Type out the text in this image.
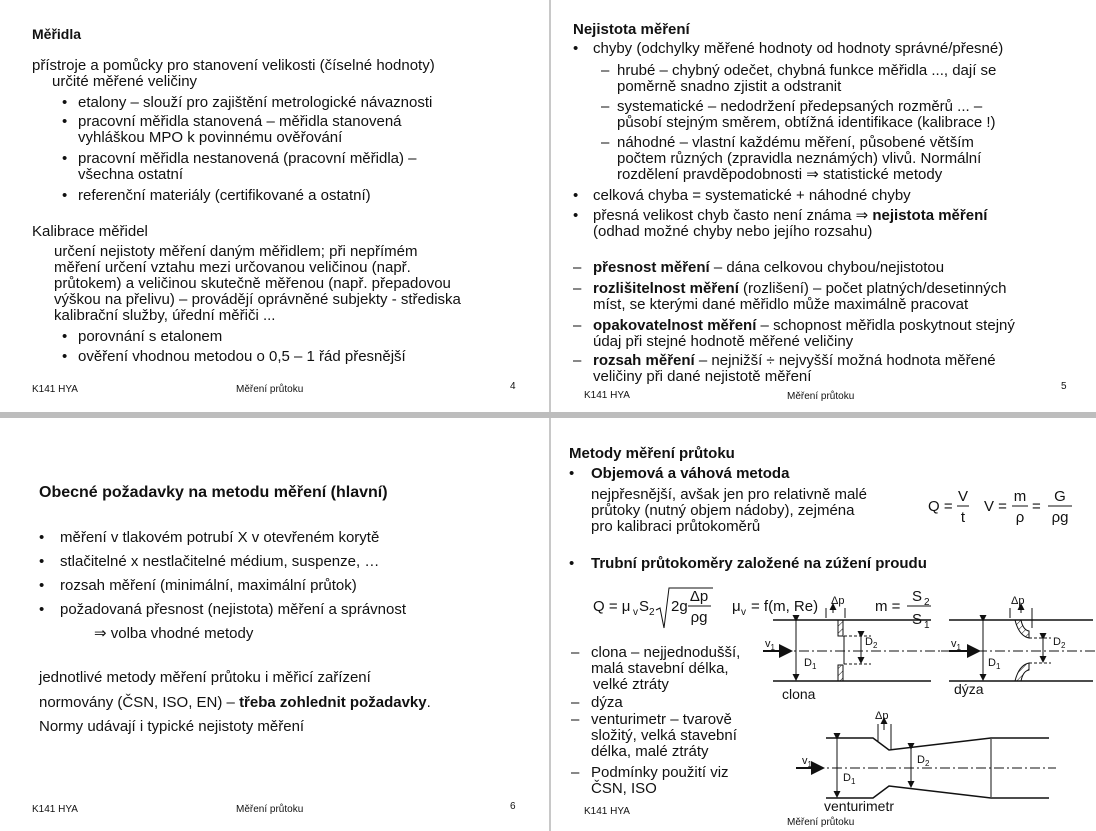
Měřidla
přístroje a pomůcky pro stanovení velikosti (číselné hodnoty)
určité měřené veličiny
• etalony – slouží pro zajištění metrologické návaznosti
• pracovní měřidla stanovená – měřidla stanovená
vyhláškou MPO k povinnému ověřování
• pracovní měřidla nestanovená (pracovní měřidla) –
všechna ostatní
• referenční materiály (certifikované a ostatní)
Kalibrace měřidel
určení nejistoty měření daným měřidlem; při nepřímém
měření určení vztahu mezi určovanou veličinou (např.
průtokem) a veličinou skutečně měřenou (např. přepadovou
výškou na přelivu) – provádějí oprávněné subjekty - střediska
kalibrační služby, úřední měřiči ...
• porovnání s etalonem
• ověření vhodnou metodou o 0,5 – 1 řád přesnější
K141 HYA	Měření průtoku	4
Nejistota měření
• chyby (odchylky měřené hodnoty od hodnoty správné/přesné)
– hrubé – chybný odečet, chybná funkce měřidla ..., dají se
poměrně snadno zjistit a odstranit
– systematické – nedodržení předepsaných rozměrů ... –
působí stejným směrem, obtížná identifikace (kalibrace !)
– náhodné – vlastní každému měření, působené větším
počtem různých (zpravidla neznámých) vlivů. Normální
rozdělení pravděpodobnosti ⇒ statistické metody
• celková chyba = systematické + náhodné chyby
• přesná velikost chyb často není známa ⇒ nejistota měření
(odhad možné chyby nebo jejího rozsahu)
– přesnost měření – dána celkovou chybou/nejistotou
– rozlišitelnost měření (rozlišení) – počet platných/desetinných
míst, se kterými dané měřidlo může maximálně pracovat
– opakovatelnost měření – schopnost měřidla poskytnout stejný
údaj při stejné hodnotě měřené veličiny
– rozsah měření – nejnižší ÷ nejvyšší možná hodnota měřené
veličiny při dané nejistotě měření
K141 HYA	Měření průtoku
5
Obecné požadavky na metodu měření (hlavní)
• měření v tlakovém potrubí X v otevřeném korytě
• stlačitelné x nestlačitelné médium, suspenze, …
• rozsah měření (minimální, maximální průtok)
• požadovaná přesnost (nejistota) měření a správnost
⇒ volba vhodné metody
jednotlivé metody měření průtoku i měřicí zařízení
normovány (ČSN, ISO, EN) – třeba zohlednit požadavky.
Normy udávají i typické nejistoty měření
K141 HYA	Měření průtoku	6
Metody měření průtoku
• Objemová a váhová metoda
nejpřesnější, avšak jen pro relativně malé
průtoky (nutný objem nádoby), zejména
pro kalibraci průtokoměrů
Q =
V
t
V =
m
ρ
=
G
ρg
• Trubní průtokoměry založené na zúžení proudu
Q = μ v S 2 2g
Δp
ρg
μ v = f(m, Re)	m =
S 2
S 1
– clona – nejjednodušší,
malá stavební délka,
velké ztráty
– dýza
– venturimetr – tvarově
složitý, velká stavební
délka, malé ztráty
– Podmínky použití viz
ČSN, ISO
clona	dýza
venturimetr
Δp	Δp
Δp
$v_1$	$v_1$
$v_1$
$D_1$
$D_2$
$D_1$
$D_2$
$D_1$
$D_2$
K141 HYA
Měření průtoku
